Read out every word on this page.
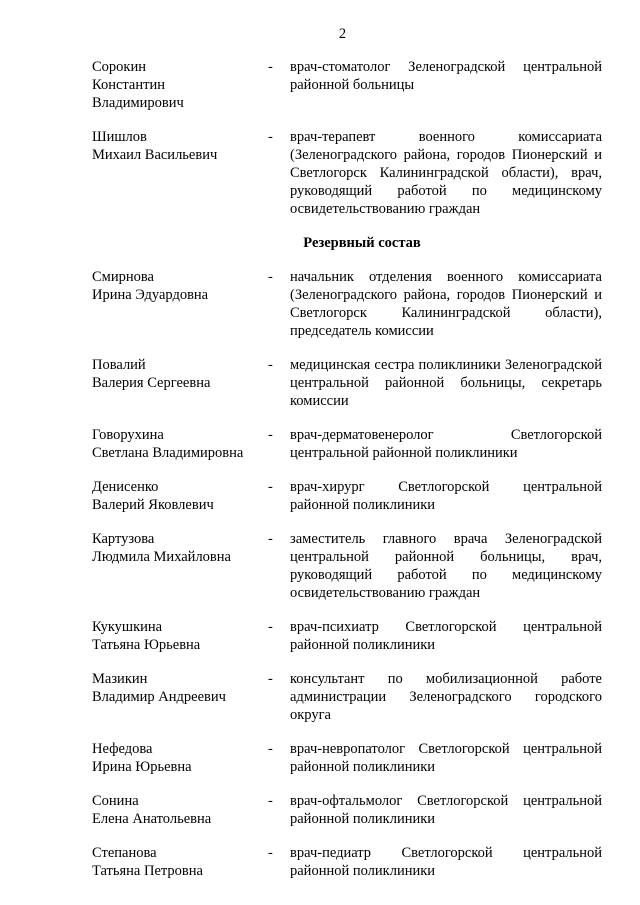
2
Сорокин
Константин
Владимирович
-	врач-стоматолог Зеленоградской центральной районной больницы
Шишлов
Михаил Васильевич
-	врач-терапевт военного комиссариата (Зеленоградского района, городов Пионерский и Светлогорск Калининградской области), врач, руководящий работой по медицинскому освидетельствованию граждан
Резервный состав
Смирнова
Ирина Эдуардовна
-	начальник отделения военного комиссариата (Зеленоградского района, городов Пионерский и Светлогорск Калининградской области), председатель комиссии
Повалий
Валерия Сергеевна
-	медицинская сестра поликлиники Зеленоградской центральной районной больницы, секретарь комиссии
Говорухина
Светлана Владимировна
-	врач-дерматовенеролог Светлогорской центральной районной поликлиники
Денисенко
Валерий Яковлевич
-	врач-хирург Светлогорской центральной районной поликлиники
Картузова
Людмила Михайловна
-	заместитель главного врача Зеленоградской центральной районной больницы, врач, руководящий работой по медицинскому освидетельствованию граждан
Кукушкина
Татьяна Юрьевна
-	врач-психиатр Светлогорской центральной районной поликлиники
Мазикин
Владимир Андреевич
-	консультант по мобилизационной работе администрации Зеленоградского городского округа
Нефедова
Ирина Юрьевна
-	врач-невропатолог Светлогорской центральной районной поликлиники
Сонина
Елена Анатольевна
-	врач-офтальмолог Светлогорской центральной районной поликлиники
Степанова
Татьяна Петровна
-	врач-педиатр Светлогорской центральной районной поликлиники
